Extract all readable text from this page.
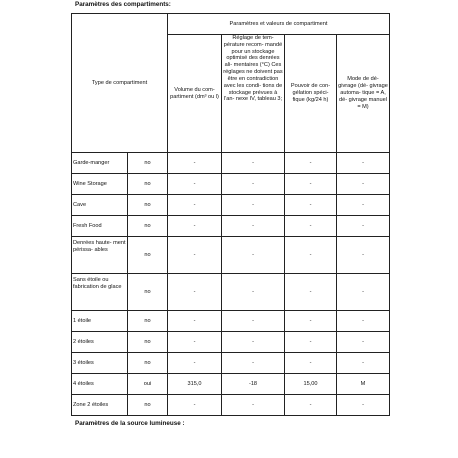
Paramètres des compartiments:
Type de compartiment		Paramètres et valeurs de compartiment			
		Volume du com- partiment (dm³ ou l)	Réglage de tem- pérature recom- mandé pour un stockage optimisé des denrées ali- mentaires (°C) Ces réglages ne doivent pas être en contradiction avec les condi- tions de stockage prévues à l'an- nexe IV, tableau 3;	Pouvoir de con- gélation spéci- fique (kg/24 h)	Mode de dé- givrage (dé- givrage automa- tique = A, dé- givrage manuel = M)
Garde-manger	no	-	-	-	-
Wine Storage	no	-	-	-	-
Cave	no	-	-	-	-
Fresh Food	no	-	-	-	-
Denrées haute- ment périssa- ables	no	-	-	-	-
Sans étoile ou fabrication de glace	no	-	-	-	-
1 étoile	no	-	-	-	-
2 étoiles	no	-	-	-	-
3 étoiles	no	-	-	-	-
4 étoiles	oui	315,0	-18	15,00	M
Zone 2 étoiles	no	-	-	-	-
Paramètres de la source lumineuse :
